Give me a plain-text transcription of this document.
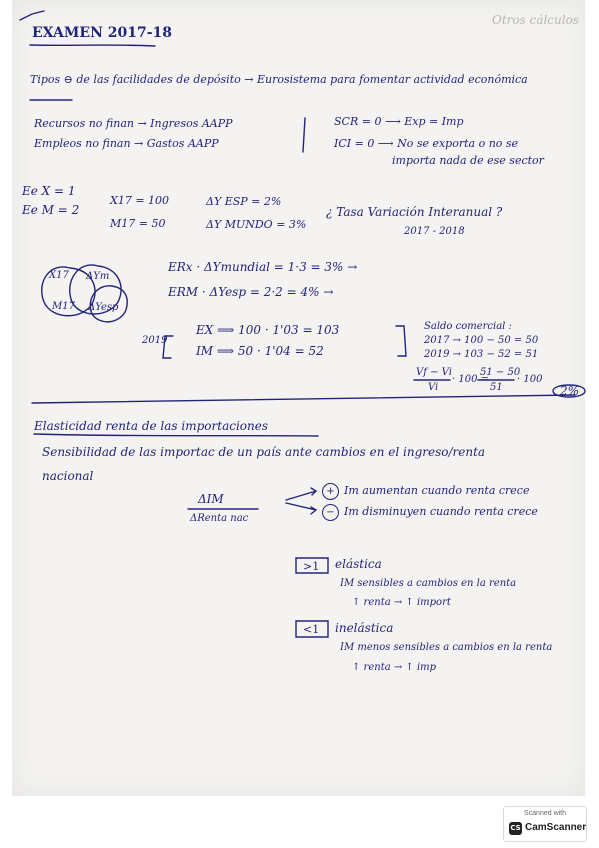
EXAMEN 2017-18
Otros cálculos
Tipos ⊖ de las facilidades de depósito → Eurosistema para fomentar actividad económica
Recursos no finan → Ingresos AAPP
Empleos no finan → Gastos AAPP
SCR = 0 ⟶ Exp = Imp
ICI = 0 ⟶ No se exporta o no se
importa nada de ese sector
Ee X = 1
Ee M = 2
X17 = 100
M17 = 50
ΔY ESP = 2%
ΔY MUNDO = 3%
¿ Tasa Variación Interanual ?
2017 - 2018
X17 ΔYm
M17 ΔYesp
ERx · ΔYmundial = 1·3 = 3% →
ERM · ΔYesp = 2·2 = 4% →
2019
EX ⟹ 100 · 1'03 = 103
IM ⟹ 50 · 1'04 = 52
Saldo comercial :
2017 → 100 − 50 = 50
2019 → 103 − 52 = 51
Vf − Vi
Vi
· 100 =
51 − 50
51
· 100
2%
Elasticidad renta de las importaciones
Sensibilidad de las importac de un país ante cambios en el ingreso/renta
nacional
ΔIM
ΔRenta nac
+ Im aumentan cuando renta crece
− Im disminuyen cuando renta crece
>1 elástica
IM sensibles a cambios en la renta
↑ renta → ↑ import
<1 inelástica
IM menos sensibles a cambios en la renta
↑ renta → ↑ imp
Scanned with
CS CamScanner
